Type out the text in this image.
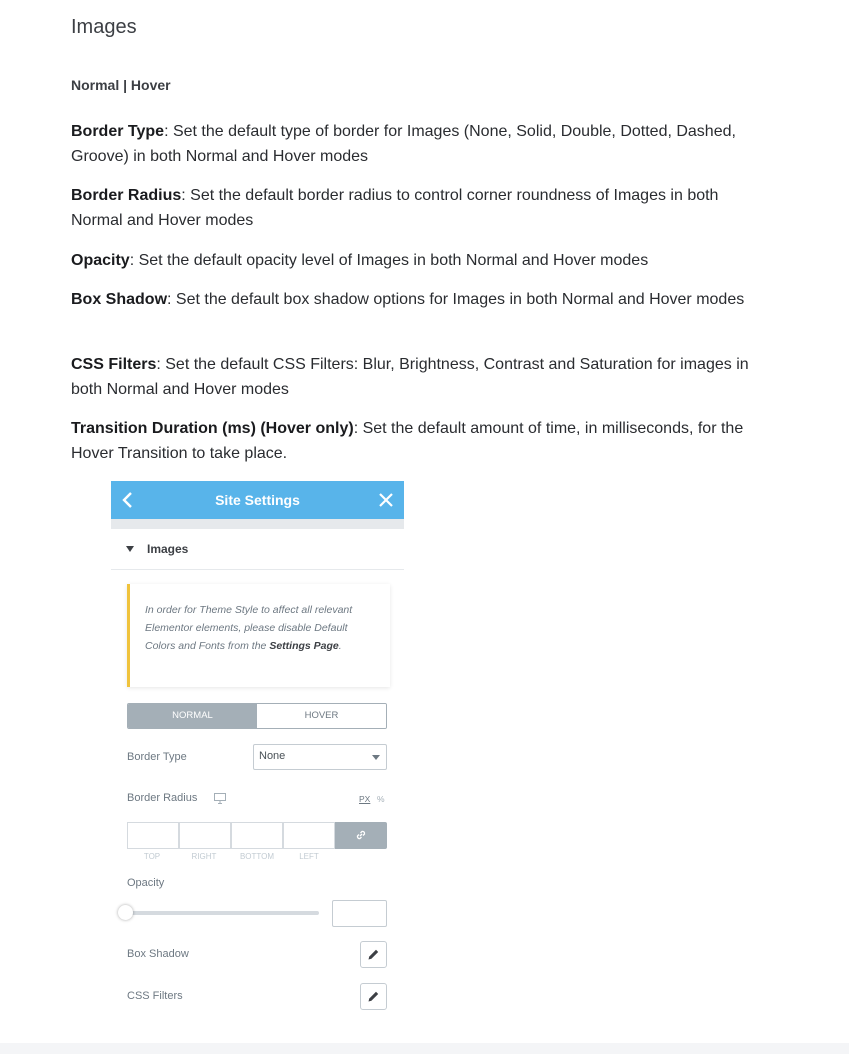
Images

Normal | Hover

Border Type: Set the default type of border for Images (None, Solid, Double, Dotted, Dashed, Groove) in both Normal and Hover modes

Border Radius: Set the default border radius to control corner roundness of Images in both Normal and Hover modes

Opacity: Set the default opacity level of Images in both Normal and Hover modes

Box Shadow: Set the default box shadow options for Images in both Normal and Hover modes

CSS Filters: Set the default CSS Filters: Blur, Brightness, Contrast and Saturation for images in both Normal and Hover modes

Transition Duration (ms) (Hover only): Set the default amount of time, in milliseconds, for the Hover Transition to take place.

Site Settings
Images

In order for Theme Style to affect all relevant Elementor elements, please disable Default Colors and Fonts from the Settings Page.

NORMAL	HOVER
Border Type	None
Border Radius	PX %
TOP	RIGHT	BOTTOM	LEFT
Opacity
Box Shadow
CSS Filters
